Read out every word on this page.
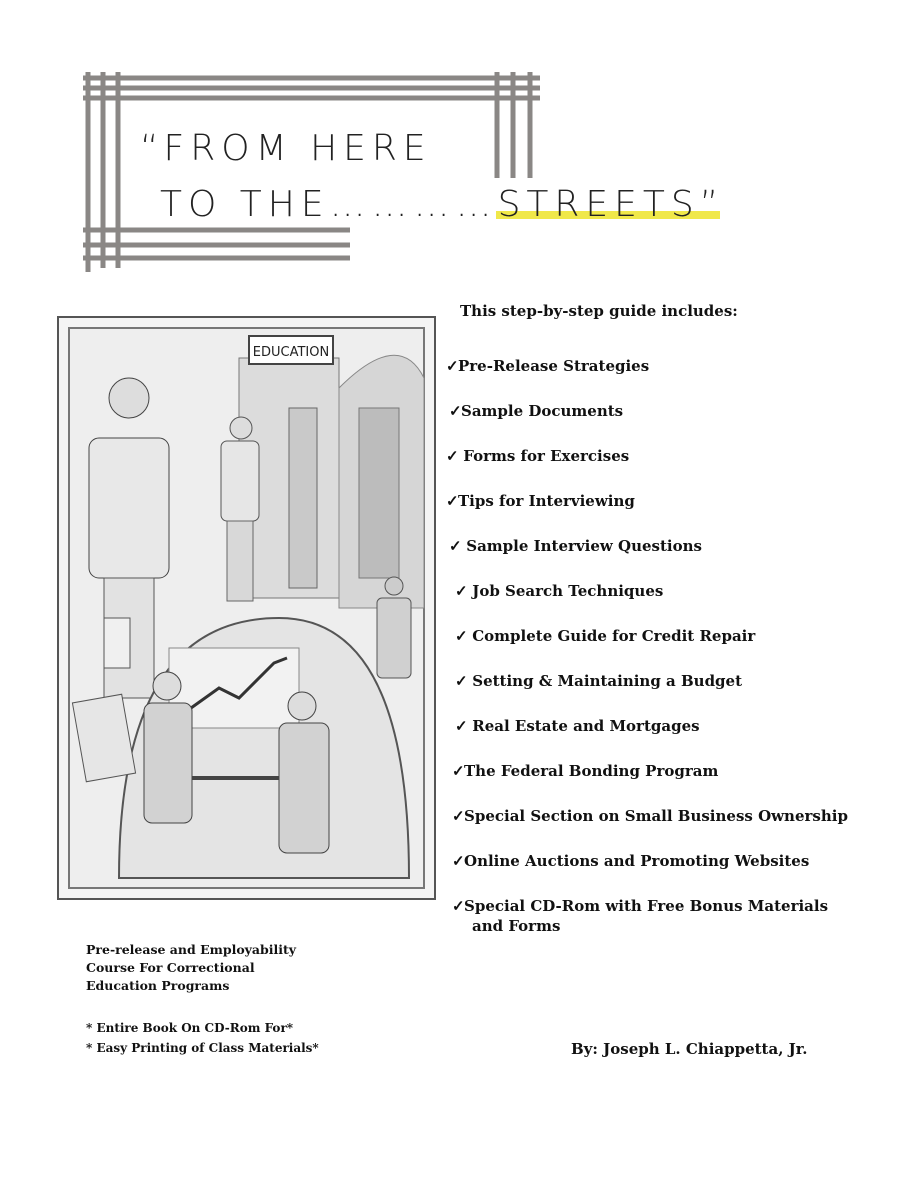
“FROM HERE
TO THE…………STREETS”
EDUCATION
This step-by-step guide includes:
✓Pre-Release Strategies
✓Sample Documents
✓ Forms for Exercises
✓Tips for Interviewing
✓ Sample Interview Questions
✓ Job Search Techniques
✓ Complete Guide for Credit Repair
✓ Setting & Maintaining a Budget
✓ Real Estate and Mortgages
✓The Federal Bonding Program
✓Special Section on Small Business Ownership
✓Online Auctions and Promoting Websites
✓Special CD-Rom with Free Bonus Materials
and Forms
Pre-release and Employability
Course For Correctional
Education Programs
* Entire Book On CD-Rom For*
* Easy Printing of Class Materials*	By: Joseph L. Chiappetta, Jr.
